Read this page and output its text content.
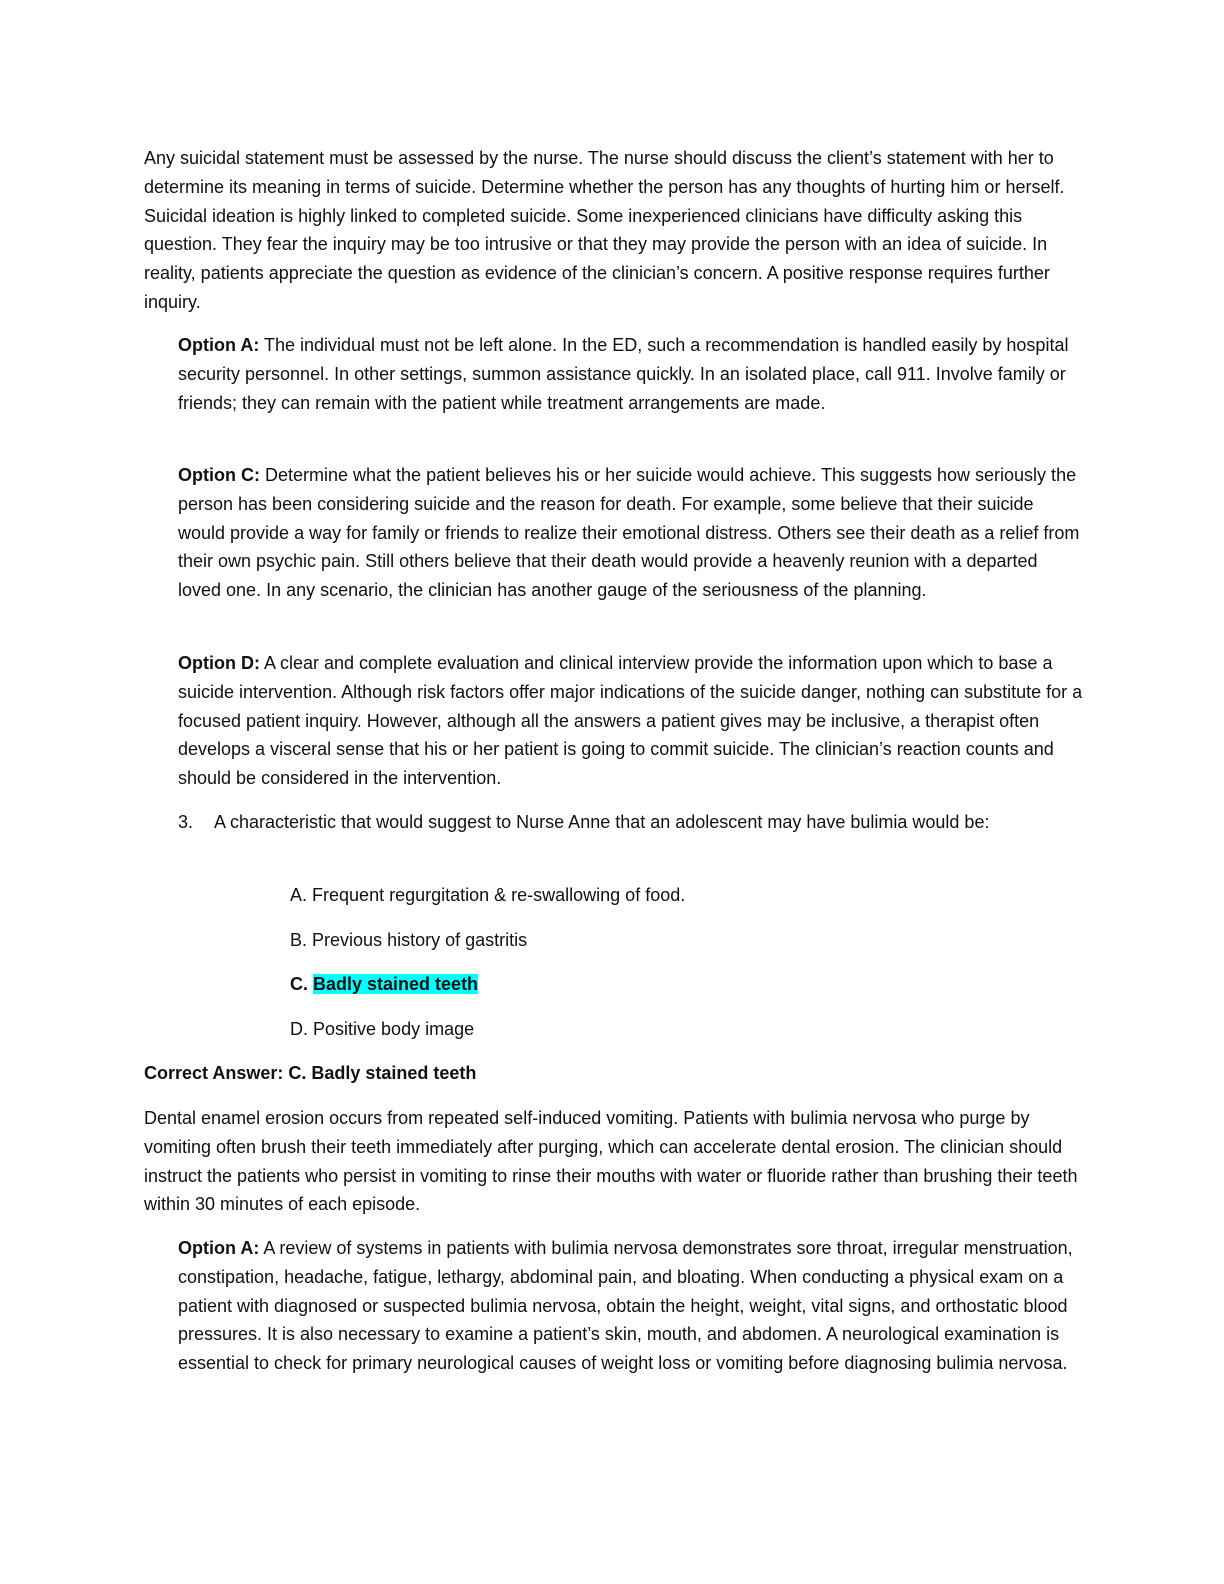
Any suicidal statement must be assessed by the nurse. The nurse should discuss the client’s statement with her to determine its meaning in terms of suicide. Determine whether the person has any thoughts of hurting him or herself. Suicidal ideation is highly linked to completed suicide. Some inexperienced clinicians have difficulty asking this question. They fear the inquiry may be too intrusive or that they may provide the person with an idea of suicide. In reality, patients appreciate the question as evidence of the clinician’s concern. A positive response requires further inquiry.

Option A: The individual must not be left alone. In the ED, such a recommendation is handled easily by hospital security personnel. In other settings, summon assistance quickly. In an isolated place, call 911. Involve family or friends; they can remain with the patient while treatment arrangements are made.

Option C: Determine what the patient believes his or her suicide would achieve. This suggests how seriously the person has been considering suicide and the reason for death. For example, some believe that their suicide would provide a way for family or friends to realize their emotional distress. Others see their death as a relief from their own psychic pain. Still others believe that their death would provide a heavenly reunion with a departed loved one. In any scenario, the clinician has another gauge of the seriousness of the planning.

Option D: A clear and complete evaluation and clinical interview provide the information upon which to base a suicide intervention. Although risk factors offer major indications of the suicide danger, nothing can substitute for a focused patient inquiry. However, although all the answers a patient gives may be inclusive, a therapist often develops a visceral sense that his or her patient is going to commit suicide. The clinician’s reaction counts and should be considered in the intervention.

3. A characteristic that would suggest to Nurse Anne that an adolescent may have bulimia would be:

A. Frequent regurgitation & re-swallowing of food.

B. Previous history of gastritis

C. Badly stained teeth

D. Positive body image

Correct Answer: C. Badly stained teeth

Dental enamel erosion occurs from repeated self-induced vomiting. Patients with bulimia nervosa who purge by vomiting often brush their teeth immediately after purging, which can accelerate dental erosion. The clinician should instruct the patients who persist in vomiting to rinse their mouths with water or fluoride rather than brushing their teeth within 30 minutes of each episode.

Option A: A review of systems in patients with bulimia nervosa demonstrates sore throat, irregular menstruation, constipation, headache, fatigue, lethargy, abdominal pain, and bloating. When conducting a physical exam on a patient with diagnosed or suspected bulimia nervosa, obtain the height, weight, vital signs, and orthostatic blood pressures. It is also necessary to examine a patient’s skin, mouth, and abdomen. A neurological examination is essential to check for primary neurological causes of weight loss or vomiting before diagnosing bulimia nervosa.
